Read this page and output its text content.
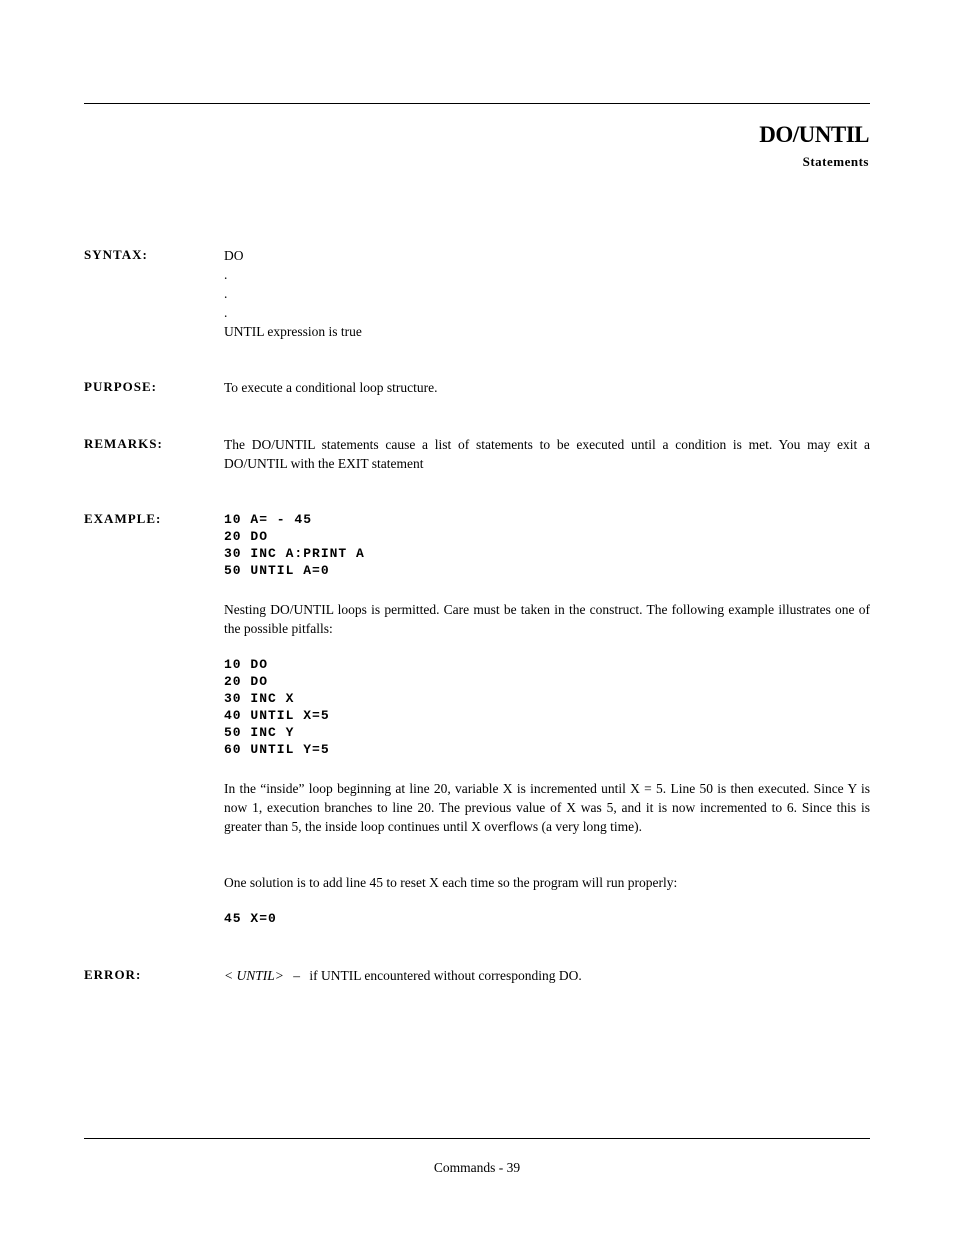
DO/UNTIL
Statements
SYNTAX:	DO
.
.
.
UNTIL expression is true
PURPOSE:	To execute a conditional loop structure.
REMARKS:	The DO/UNTIL statements cause a list of statements to be executed until a condition is met. You may exit a DO/UNTIL with the EXIT statement
EXAMPLE:	10 A= - 45
20 DO
30 INC A:PRINT A
50 UNTIL A=0
Nesting DO/UNTIL loops is permitted. Care must be taken in the construct. The following example illustrates one of the possible pitfalls:
10 DO
20 DO
30 INC X
40 UNTIL X=5
50 INC Y
60 UNTIL Y=5
In the “inside” loop beginning at line 20, variable X is incremented until X = 5. Line 50 is then executed. Since Y is now 1, execution branches to line 20. The previous value of X was 5, and it is now incremented to 6. Since this is greater than 5, the inside loop continues until X overflows (a very long time).
One solution is to add line 45 to reset X each time so the program will run properly:
45 X=0
ERROR:	< UNTIL> – if UNTIL encountered without corresponding DO.
Commands - 39
